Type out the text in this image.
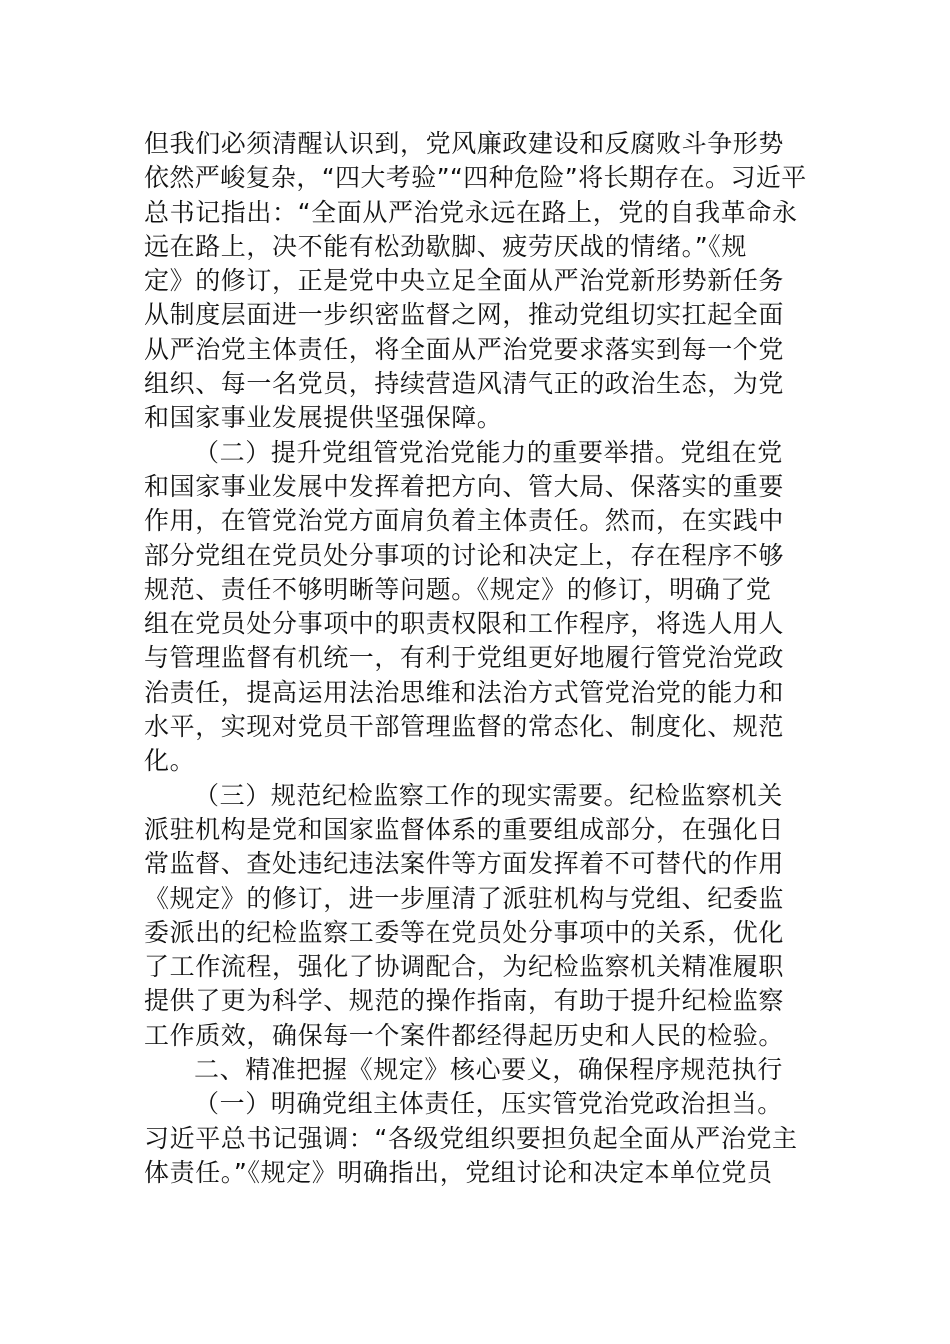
但我们必须清醒认识到，党风廉政建设和反腐败斗争形势
依然严峻复杂，“四大考验”“四种危险”将长期存在。习近平
总书记指出：“全面从严治党永远在路上，党的自我革命永
远在路上，决不能有松劲歇脚、疲劳厌战的情绪。”《规
定》的修订，正是党中央立足全面从严治党新形势新任务
从制度层面进一步织密监督之网，推动党组切实扛起全面
从严治党主体责任，将全面从严治党要求落实到每一个党
组织、每一名党员，持续营造风清气正的政治生态，为党
和国家事业发展提供坚强保障。
（二）提升党组管党治党能力的重要举措。党组在党
和国家事业发展中发挥着把方向、管大局、保落实的重要
作用，在管党治党方面肩负着主体责任。然而，在实践中
部分党组在党员处分事项的讨论和决定上，存在程序不够
规范、责任不够明晰等问题。《规定》的修订，明确了党
组在党员处分事项中的职责权限和工作程序，将选人用人
与管理监督有机统一，有利于党组更好地履行管党治党政
治责任，提高运用法治思维和法治方式管党治党的能力和
水平，实现对党员干部管理监督的常态化、制度化、规范
化。
（三）规范纪检监察工作的现实需要。纪检监察机关
派驻机构是党和国家监督体系的重要组成部分，在强化日
常监督、查处违纪违法案件等方面发挥着不可替代的作用
《规定》的修订，进一步厘清了派驻机构与党组、纪委监
委派出的纪检监察工委等在党员处分事项中的关系，优化
了工作流程，强化了协调配合，为纪检监察机关精准履职
提供了更为科学、规范的操作指南，有助于提升纪检监察
工作质效，确保每一个案件都经得起历史和人民的检验。
二、精准把握《规定》核心要义，确保程序规范执行
（一）明确党组主体责任，压实管党治党政治担当。
习近平总书记强调：“各级党组织要担负起全面从严治党主
体责任。”《规定》明确指出，党组讨论和决定本单位党员
